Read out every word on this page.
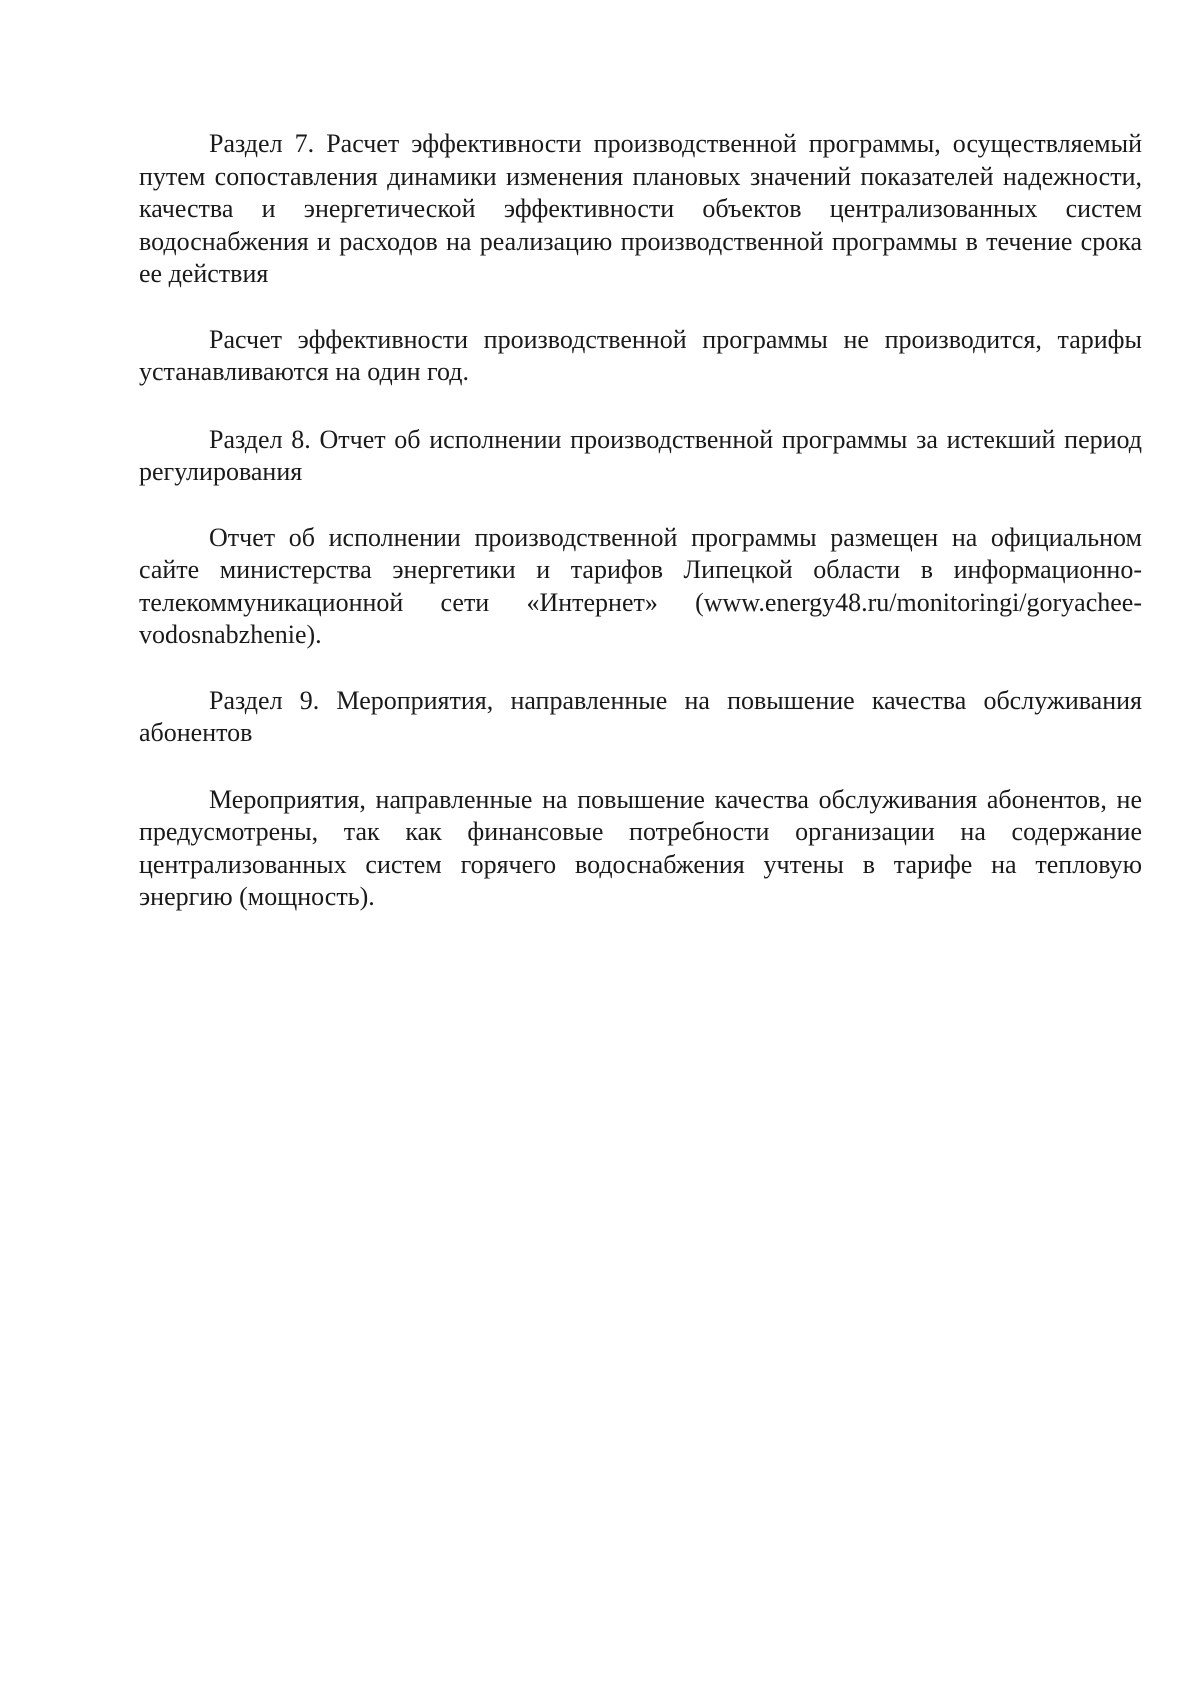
Раздел 7. Расчет эффективности производственной программы, осуществляемый путем сопоставления динамики изменения плановых значений показателей надежности, качества и энергетической эффективности объектов централизованных систем водоснабжения и расходов на реализацию производственной программы в течение срока ее действия

Расчет эффективности производственной программы не производится, тарифы устанавливаются на один год.

Раздел 8. Отчет об исполнении производственной программы за истекший период регулирования

Отчет об исполнении производственной программы размещен на официальном сайте министерства энергетики и тарифов Липецкой области в информационно-телекоммуникационной сети «Интернет» (www.energy48.ru/monitoringi/goryachee-vodosnabzhenie).

Раздел 9. Мероприятия, направленные на повышение качества обслуживания абонентов

Мероприятия, направленные на повышение качества обслуживания абонентов, не предусмотрены, так как финансовые потребности организации на содержание централизованных систем горячего водоснабжения учтены в тарифе на тепловую энергию (мощность).
